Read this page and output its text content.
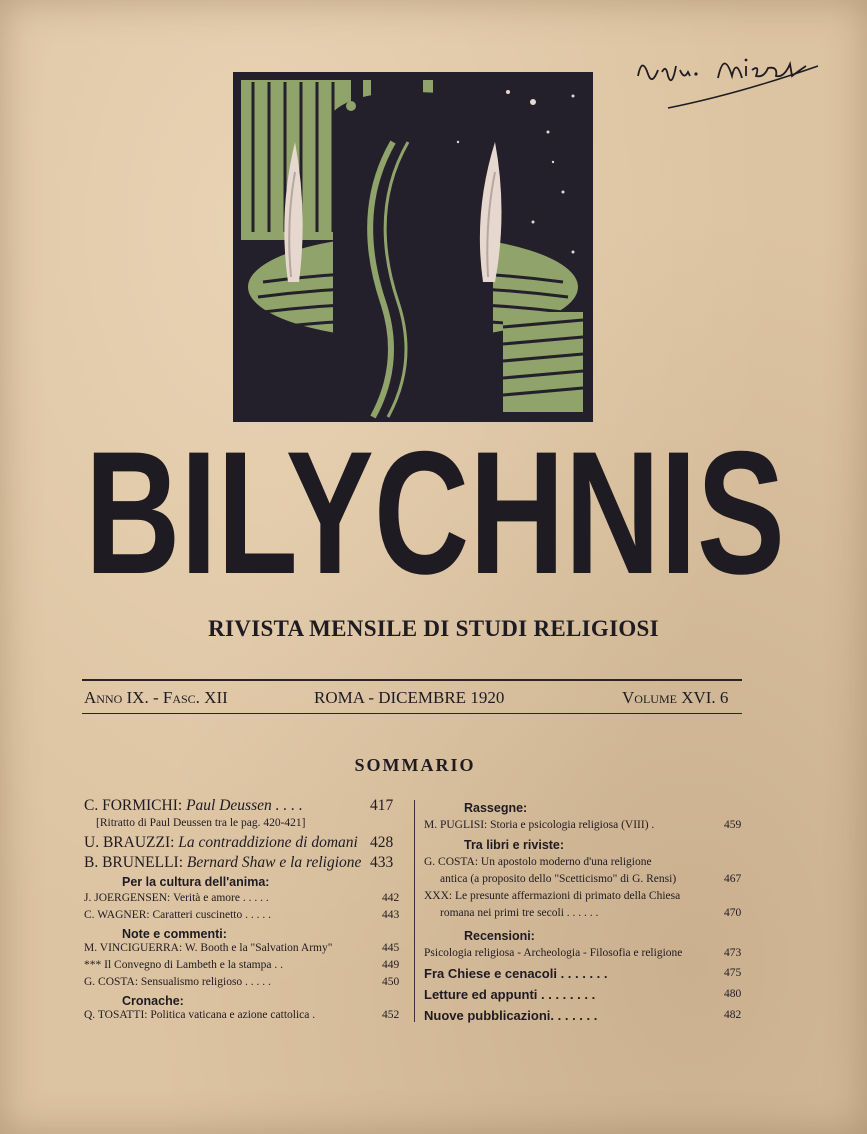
BILYCHNIS
RIVISTA MENSILE DI STUDI RELIGIOSI
Anno IX. - Fasc. XII	ROMA - DICEMBRE 1920	Volume XVI. 6
SOMMARIO
C. FORMICHI: Paul Deussen . . . .	417
[Ritratto di Paul Deussen tra le pag. 420-421]
U. BRAUZZI: La contraddizione di domani 428
B. BRUNELLI: Bernard Shaw e la religione 433
Per la cultura dell'anima:
J. JOERGENSEN: Verità e amore . . . . .	442
C. WAGNER: Caratteri cuscinetto . . . . .	443
Note e commenti:
M. VINCIGUERRA: W. Booth e la "Salvation Army"	445
*** Il Convegno di Lambeth e la stampa . .	449
G. COSTA: Sensualismo religioso . . . . .	450
Cronache:
Q. TOSATTI: Politica vaticana e azione cattolica .	452
Rassegne:
M. PUGLISI: Storia e psicologia religiosa (VIII) .	459
Tra libri e riviste:
G. COSTA: Un apostolo moderno d'una religione
antica (a proposito dello "Scetticismo" di G. Rensi)	467
XXX: Le presunte affermazioni di primato della Chiesa
romana nei primi tre secoli . . . . . .	470
Recensioni:
Psicologia religiosa - Archeologia - Filosofia e religione	473
Fra Chiese e cenacoli . . . . . . .	475
Letture ed appunti . . . . . . . .	480
Nuove pubblicazioni. . . . . . .	482
